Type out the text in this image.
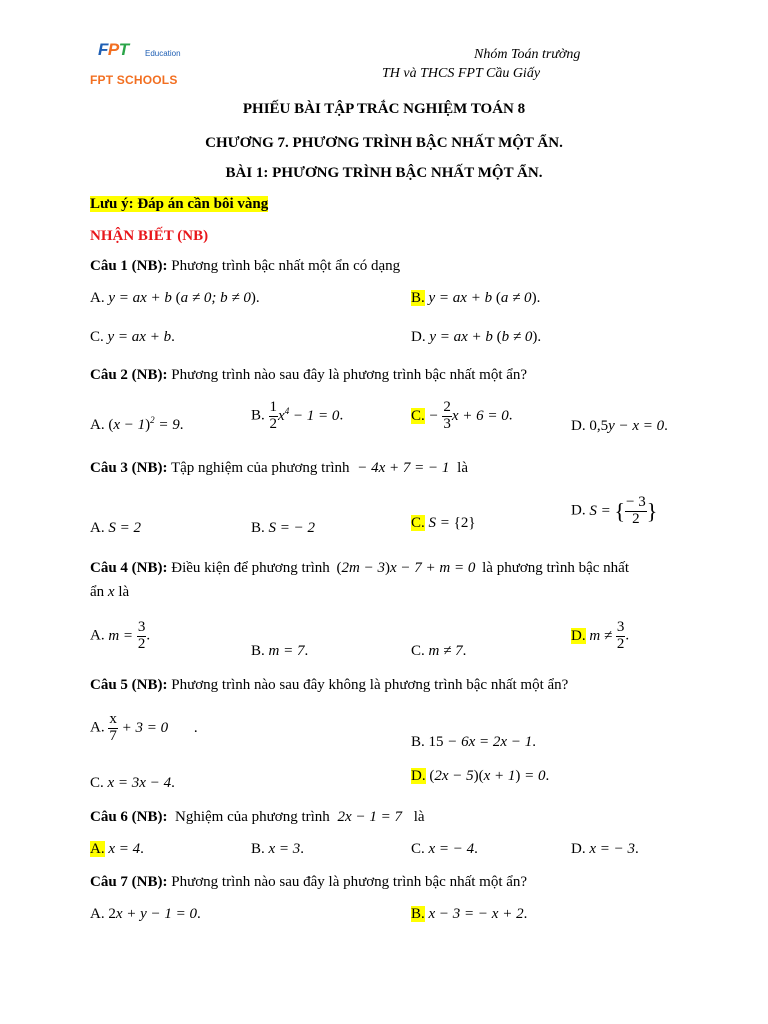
FPT Education
FPT SCHOOLS
Nhóm Toán trường
TH và THCS FPT Cầu Giấy
PHIẾU BÀI TẬP TRẮC NGHIỆM TOÁN 8
CHƯƠNG 7. PHƯƠNG TRÌNH BẬC NHẤT MỘT ẨN.
BÀI 1: PHƯƠNG TRÌNH BẬC NHẤT MỘT ẨN.
Lưu ý: Đáp án cần bôi vàng
NHẬN BIẾT (NB)
Câu 1 (NB): Phương trình bậc nhất một ẩn có dạng
A. y = ax + b (a ≠ 0; b ≠ 0).	B. y = ax + b (a ≠ 0).
C. y = ax + b.	D. y = ax + b (b ≠ 0).
Câu 2 (NB): Phương trình nào sau đây là phương trình bậc nhất một ẩn?
A. $(x - 1)^2 = 9$.
B. $\frac{1}{2} x^4 - 1 = 0$.	C. − $\frac{2}{3}$ x + 6 = 0.
D. 0,5y − x = 0.
Câu 3 (NB): Tập nghiệm của phương trình − 4x + 7 = − 1 là
A. S = 2	B. S = − 2	C. S = {2}
D. S = { $\frac{- 3}{2}$ }
Câu 4 (NB): Điều kiện để phương trình (2m − 3)x − 7 + m = 0 là phương trình bậc nhất
ẩn x là
A. $m = \frac{3}{2}$ .
B. m = 7.	C. m ≠ 7.
D. $m \ne \frac{3}{2}$ .
Câu 5 (NB): Phương trình nào sau đây không là phương trình bậc nhất một ẩn?
A. $\frac{x}{7} + 3 = 0$ .
B. 15 − 6x = 2x − 1.
C. x = 3x − 4.	D. (2x − 5)(x + 1) = 0.
Câu 6 (NB): Nghiệm của phương trình 2x − 1 = 7 là
A. x = 4.	B. x = 3.	C. x = − 4.	D. x = − 3.
Câu 7 (NB): Phương trình nào sau đây là phương trình bậc nhất một ẩn?
A. 2x + y − 1 = 0.	B. x − 3 = − x + 2.
